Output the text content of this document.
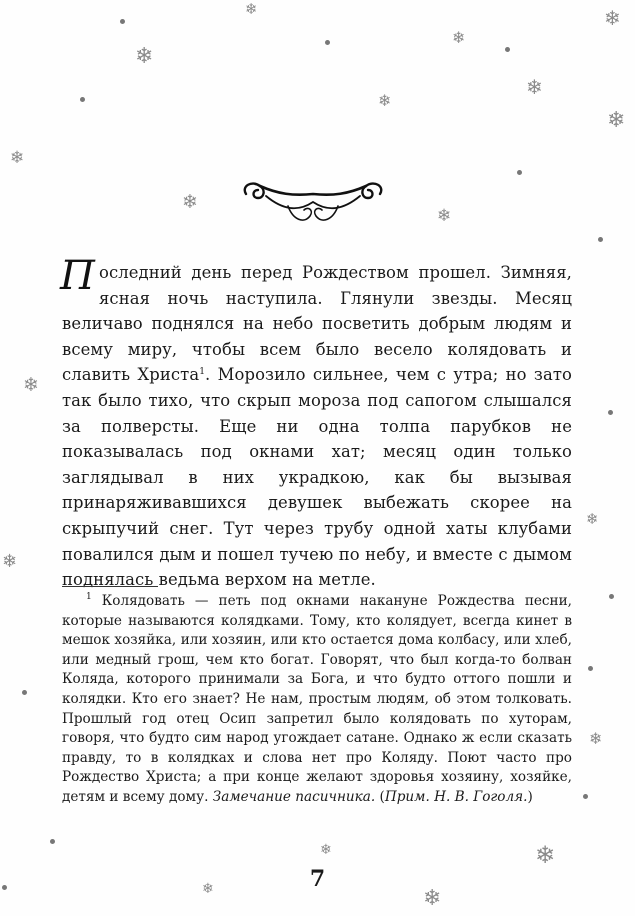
❄	❄
❄
❄
❄
❄
❄
❄
❄
❄
❄
❄
❄
❄
❄	❄
❄	❄

Последний день перед Рождеством прошел. Зимняя, ясная ночь наступила. Глянули звезды. Месяц величаво поднялся на небо посветить добрым людям и всему миру, чтобы всем было весело колядовать и славить Христа$^1$. Морозило сильнее, чем с утра; но зато так было тихо, что скрып мороза под сапогом слышался за полверсты. Еще ни одна толпа парубков не показывалась под окнами хат; месяц один только заглядывал в них украдкою, как бы вызывая принаряживавшихся девушек выбежать скорее на скрыпучий снег. Тут через трубу одной хаты клубами повалился дым и пошел тучею по небу, и вместе с дымом поднялась ведьма верхом на метле.

$^1$ Колядовать — петь под окнами накануне Рождества песни, которые называются колядками. Тому, кто колядует, всегда кинет в мешок хозяйка, или хозяин, или кто остается дома колбасу, или хлеб, или медный грош, чем кто богат. Говорят, что был когда-то болван Коляда, которого принимали за Бога, и что будто оттого пошли и колядки. Кто его знает? Не нам, простым людям, об этом толковать. Прошлый год отец Осип запретил было колядовать по хуторам, говоря, что будто сим народ угождает сатане. Однако ж если сказать правду, то в колядках и слова нет про Коляду. Поют часто про Рождество Христа; а при конце желают здоровья хозяину, хозяйке, детям и всему дому. Замечание пасичника. (Прим. Н. В. Гоголя.)

7
